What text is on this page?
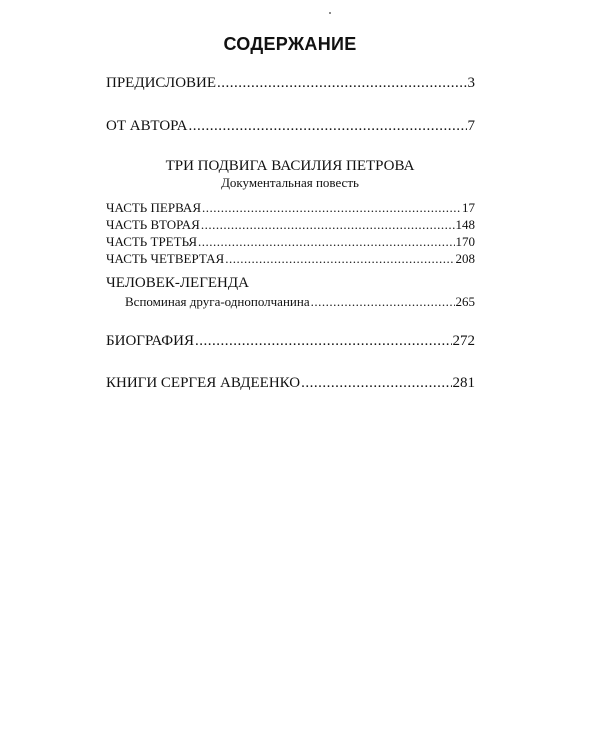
СОДЕРЖАНИЕ
ПРЕДИСЛОВИЕ .....	3
ОТ АВТОРА .....	7
ТРИ ПОДВИГА ВАСИЛИЯ ПЕТРОВА
Документальная повесть
ЧАСТЬ ПЕРВАЯ .....	17
ЧАСТЬ ВТОРАЯ .....	148
ЧАСТЬ ТРЕТЬЯ .....	170
ЧАСТЬ ЧЕТВЕРТАЯ .....	208
ЧЕЛОВЕК-ЛЕГЕНДА
Вспоминая друга-однополчанина .....	265
БИОГРАФИЯ .....	272
КНИГИ СЕРГЕЯ АВДЕЕНКО .....	281
